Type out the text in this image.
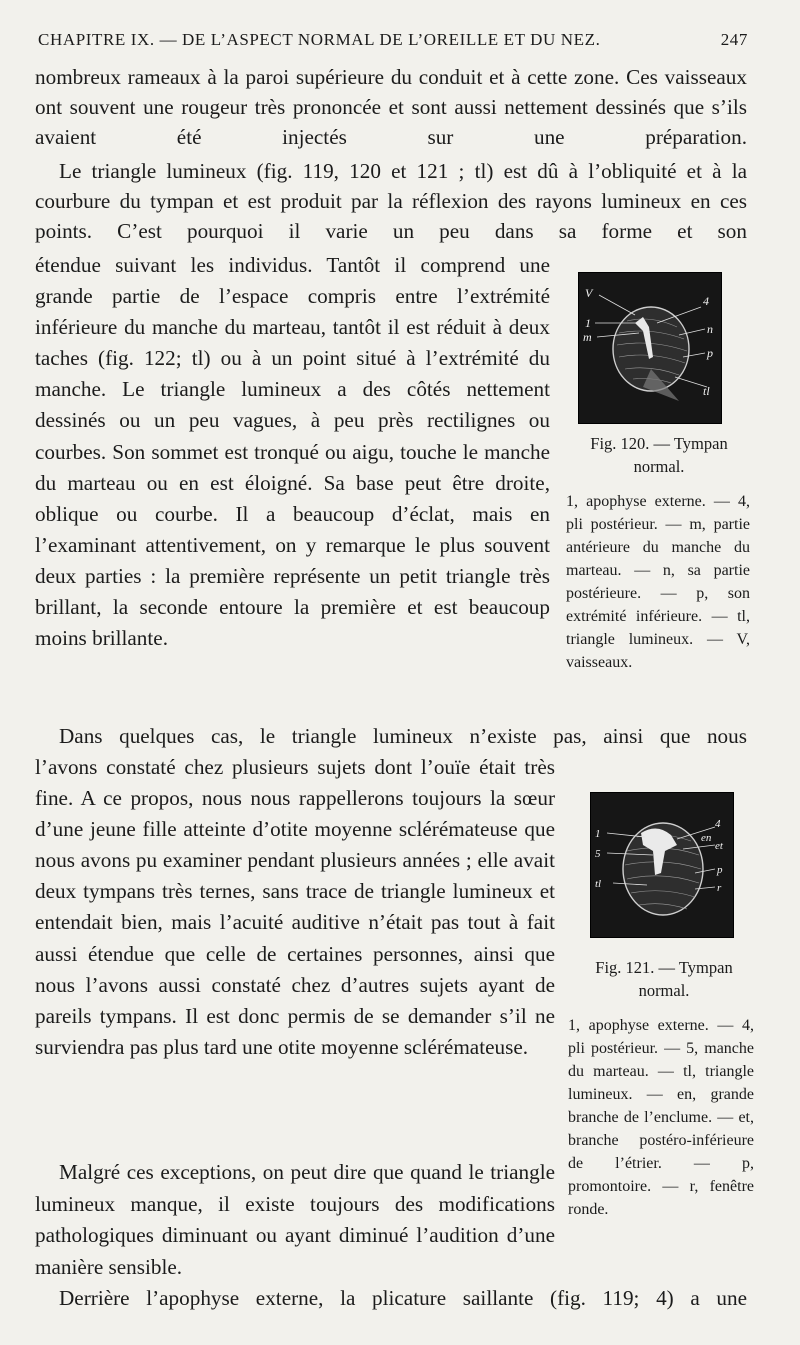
CHAPITRE IX. — DE L’ASPECT NORMAL DE L’OREILLE ET DU NEZ.	247
nombreux rameaux à la paroi supérieure du conduit et à cette zone. Ces vaisseaux ont souvent une rougeur très prononcée et sont aussi nettement dessinés que s’ils avaient été injectés sur une préparation.
Le triangle lumineux (fig. 119, 120 et 121 ; tl) est dû à l’obliquité et à la courbure du tympan et est produit par la réflexion des rayons lumineux en ces points. C’est pourquoi il varie un peu dans sa forme et son
étendue suivant les individus. Tantôt il comprend une grande partie de l’espace compris entre l’extrémité inférieure du manche du marteau, tantôt il est réduit à deux taches (fig. 122; tl) ou à un point situé à l’extrémité du manche. Le triangle lumineux a des côtés nettement dessinés ou un peu vagues, à peu près rectilignes ou courbes. Son sommet est tronqué ou aigu, touche le manche du marteau ou en est éloigné. Sa base peut être droite, oblique ou courbe. Il a beaucoup d’éclat, mais en l’examinant attentivement, on y remarque le plus souvent deux parties : la première représente un petit triangle très brillant, la seconde entoure la première et est beaucoup moins brillante.
V
1
m
4
n
p
tl
Fig. 120. — Tympan normal.
1, apophyse externe. — 4, pli postérieur. — m, partie antérieure du manche du marteau. — n, sa partie postérieure. — p, son extrémité inférieure. — tl, triangle lumineux. — V, vaisseaux.
Dans quelques cas, le triangle lumineux n’existe pas, ainsi que nous
l’avons constaté chez plusieurs sujets dont l’ouïe était très fine. A ce propos, nous nous rappellerons toujours la sœur d’une jeune fille atteinte d’otite moyenne sclérémateuse que nous avons pu examiner pendant plusieurs années ; elle avait deux tympans très ternes, sans trace de triangle lumineux et entendait bien, mais l’acuité auditive n’était pas tout à fait aussi étendue que celle de certaines personnes, ainsi que nous l’avons aussi constaté chez d’autres sujets ayant de pareils tympans. Il est donc permis de se demander s’il ne surviendra pas plus tard une otite moyenne sclérémateuse.
4
1	en
et
5
p
tl	r
Fig. 121. — Tympan normal.
1, apophyse externe. — 4, pli postérieur. — 5, manche du marteau. — tl, triangle lumineux. — en, grande branche de l’enclume. — et, branche postéro-inférieure de l’étrier. — p, promontoire. — r, fenêtre ronde.
Malgré ces exceptions, on peut dire que quand le triangle lumineux manque, il existe toujours des modifications pathologiques diminuant ou ayant diminué l’audition d’une manière sensible.
Derrière l’apophyse externe, la plicature saillante (fig. 119; 4) a une
